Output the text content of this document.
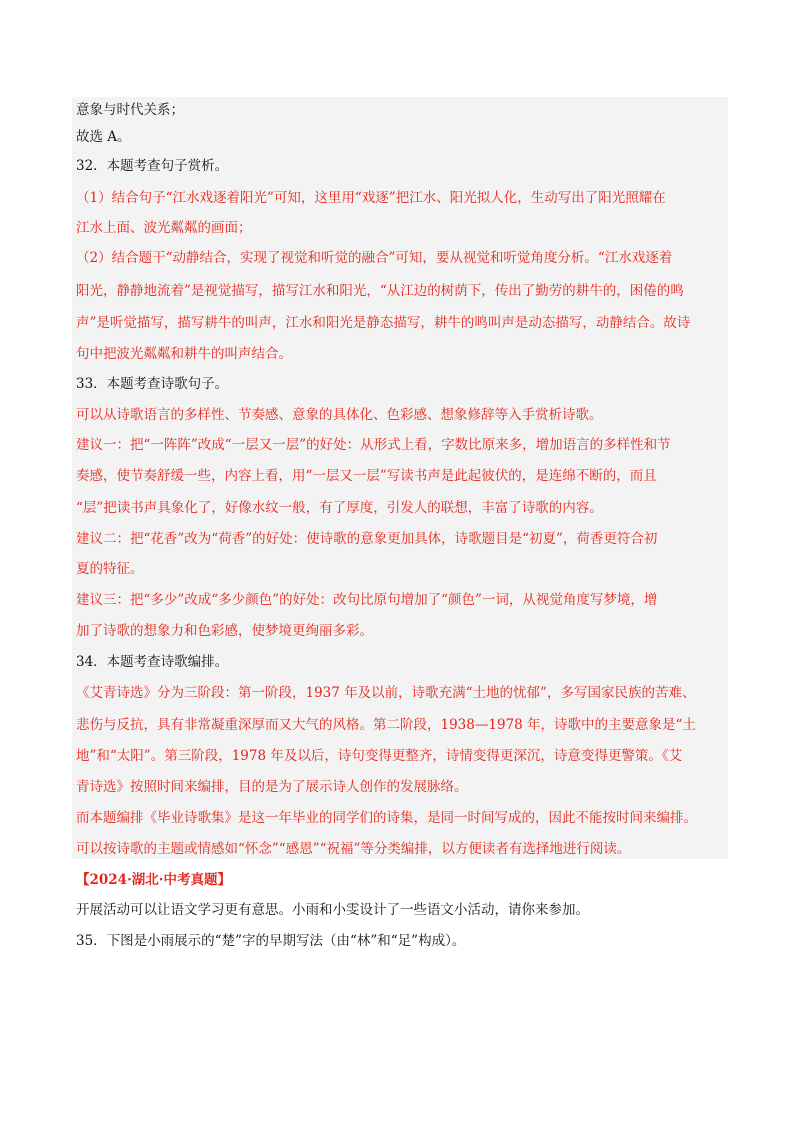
意象与时代关系；
故选 A。
32．本题考查句子赏析。
（1）结合句子“江水戏逐着阳光”可知，这里用“戏逐”把江水、阳光拟人化，生动写出了阳光照耀在
江水上面、波光粼粼的画面；
（2）结合题干“动静结合，实现了视觉和听觉的融合”可知，要从视觉和听觉角度分析。“江水戏逐着
阳光，静静地流着”是视觉描写，描写江水和阳光，“从江边的树荫下，传出了勤劳的耕牛的，困倦的鸣
声”是听觉描写，描写耕牛的叫声，江水和阳光是静态描写，耕牛的鸣叫声是动态描写，动静结合。故诗
句中把波光粼粼和耕牛的叫声结合。
33．本题考查诗歌句子。
可以从诗歌语言的多样性、节奏感、意象的具体化、色彩感、想象修辞等入手赏析诗歌。
建议一：把“一阵阵”改成“一层又一层”的好处：从形式上看，字数比原来多，增加语言的多样性和节
奏感，使节奏舒缓一些，内容上看，用“一层又一层”写读书声是此起彼伏的，是连绵不断的，而且
“层”把读书声具象化了，好像水纹一般，有了厚度，引发人的联想，丰富了诗歌的内容。
建议二：把“花香”改为“荷香”的好处：使诗歌的意象更加具体，诗歌题目是“初夏”，荷香更符合初
夏的特征。
建议三：把“多少”改成“多少颜色”的好处：改句比原句增加了“颜色”一词，从视觉角度写梦境，增
加了诗歌的想象力和色彩感，使梦境更绚丽多彩。
34．本题考查诗歌编排。
《艾青诗选》分为三阶段：第一阶段，1937 年及以前，诗歌充满“土地的忧郁”，多写国家民族的苦难、
悲伤与反抗，具有非常凝重深厚而又大气的风格。第二阶段，1938—1978 年，诗歌中的主要意象是“土
地”和“太阳”。第三阶段，1978 年及以后，诗句变得更整齐，诗情变得更深沉，诗意变得更警策。《艾
青诗选》按照时间来编排，目的是为了展示诗人创作的发展脉络。
而本题编排《毕业诗歌集》是这一年毕业的同学们的诗集，是同一时间写成的，因此不能按时间来编排。
可以按诗歌的主题或情感如“怀念”“感恩”“祝福”等分类编排，以方便读者有选择地进行阅读。
【2024·湖北·中考真题】
开展活动可以让语文学习更有意思。小雨和小雯设计了一些语文小活动，请你来参加。
35．下图是小雨展示的“楚”字的早期写法（由“林”和“足”构成）。
